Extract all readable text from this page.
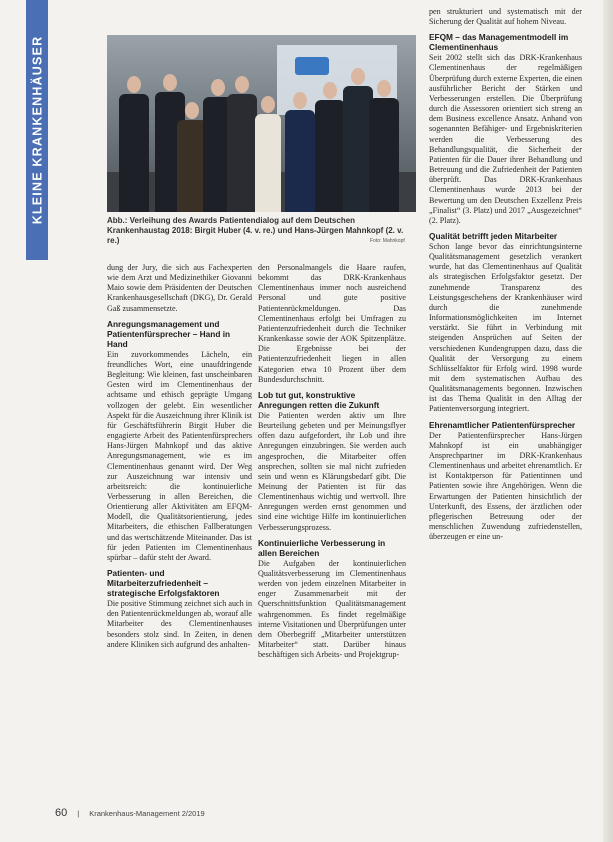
KLEINE KRANKENHÄUSER	Abb.: Verleihung des Awards Patientendialog auf dem Deutschen Krankenhaustag 2018: Birgit Huber (4. v. re.) und Hans-Jürgen Mahnkopf (2. v. re.)	Foto: Mahnkopf

dung der Jury, die sich aus Fachexperten wie dem Arzt und Medizinethiker Giovanni Maio sowie dem Präsidenten der Deutschen Krankenhausgesellschaft (DKG), Dr. Gerald Gaß zusammensetzte.

Anregungsmanagement und Patientenfürsprecher – Hand in Hand

Ein zuvorkommendes Lächeln, ein freundliches Wort, eine unaufdringende Begleitung: Wie kleinen, fast unscheinbaren Gesten wird im Clementinenhaus der achtsame und ethisch geprägte Umgang vollzogen der gelebt. Ein wesentlicher Aspekt für die Auszeichnung ihrer Klinik ist für Geschäftsführerin Birgit Huber die engagierte Arbeit des Patientenfürsprechers Hans-Jürgen Mahnkopf und das aktive Anregungsmanagement, wie es im Clementinenhaus genannt wird. Der Weg zur Auszeichnung war intensiv und arbeitsreich: die kontinuierliche Verbesserung in allen Bereichen, die Orientierung aller Aktivitäten am EFQM-Modell, die Qualitätsorientierung, jedes Mitarbeiters, die ethischen Fallberatungen und das wertschätzende Miteinander. Das ist für jeden Patienten im Clementinenhaus spürbar – dafür steht der Award.

Patienten- und Mitarbeiterzufriedenheit – strategische Erfolgsfaktoren

Die positive Stimmung zeichnet sich auch in den Patientenrückmeldungen ab, worauf alle Mitarbeiter des Clementinenhauses besonders stolz sind. In Zeiten, in denen andere Kliniken sich aufgrund des anhalten-

den Personalmangels die Haare raufen, bekommt das DRK-Krankenhaus Clementinenhaus immer noch ausreichend Personal und gute positive Patientenrückmeldungen. Das Clementinenhaus erfolgt bei Umfragen zu Patientenzufriedenheit durch die Techniker Krankenkasse sowie der AOK Spitzenplätze. Die Ergebnisse bei der Patientenzufriedenheit liegen in allen Kategorien etwa 10 Prozent über dem Bundesdurchschnitt.

Lob tut gut, konstruktive Anregungen retten die Zukunft

Die Patienten werden aktiv um Ihre Beurteilung gebeten und per Meinungsflyer offen dazu aufgefordert, ihr Lob und ihre Anregungen einzubringen. Sie werden auch angesprochen, die Mitarbeiter offen ansprechen, sollten sie mal nicht zufrieden sein und wenn es Klärungsbedarf gibt. Die Meinung der Patienten ist für das Clementinenhaus wichtig und wertvoll. Ihre Anregungen werden ernst genommen und sind eine wichtige Hilfe im kontinuierlichen Verbesserungsprozess.

Kontinuierliche Verbesserung in allen Bereichen

Die Aufgaben der kontinuierlichen Qualitätsverbesserung im Clementinenhaus werden von jedem einzelnen Mitarbeiter in enger Zusammenarbeit mit der Querschnittsfunktion Qualitätsmanagement wahrgenommen. Es findet regelmäßige interne Visitationen und Überprüfungen unter dem Oberbegriff „Mitarbeiter unterstützen Mitarbeiter“ statt. Darüber hinaus beschäftigen sich Arbeits- und Projektgrup-

pen strukturiert und systematisch mit der Sicherung der Qualität auf hohem Niveau.

EFQM – das Managementmodell im Clementinenhaus

Seit 2002 stellt sich das DRK-Krankenhaus Clementinenhaus der regelmäßigen Überprüfung durch externe Experten, die einen ausführlicher Bericht der Stärken und Verbesserungen erstellen. Die Überprüfung durch die Assessoren orientiert sich streng an dem Business excellence Ansatz. Anhand von sogenannten Befähiger- und Ergebniskriterien werden die Verbesserung des Behandlungsqualität, die Sicherheit der Patienten für die Dauer ihrer Behandlung und Betreuung und die Zufriedenheit der Patienten überprüft. Das DRK-Krankenhaus Clementinenhaus wurde 2013 bei der Bewertung um den Deutschen Exzellenz Preis „Finalist“ (3. Platz) und 2017 „Ausgezeichnet“ (2. Platz).

Qualität betrifft jeden Mitarbeiter

Schon lange bevor das einrichtungsinterne Qualitätsmanagement gesetzlich verankert wurde, hat das Clementinenhaus auf Qualität als strategischen Erfolgsfaktor gesetzt. Der zunehmende Transparenz des Leistungsgeschehens der Krankenhäuser wird durch die zunehmende Informationsmöglichkeiten im Internet verstärkt. Sie führt in Verbindung mit steigenden Ansprüchen auf Seiten der verschiedenen Kundengruppen dazu, dass die Qualität der Versorgung zu einem Schlüsselfaktor für Erfolg wird. 1998 wurde mit dem systematischen Aufbau des Qualitätsmanagements begonnen. Inzwischen ist das Thema Qualität in den Alltag der Patientenversorgung integriert.

Ehrenamtlicher Patientenfürsprecher

Der Patientenfürsprecher Hans-Jürgen Mahnkopf ist ein unabhängiger Ansprechpartner im DRK-Krankenhaus Clementinenhaus und arbeitet ehrenamtlich. Er ist Kontaktperson für Patientinnen und Patienten sowie ihre Angehörigen. Wenn die Erwartungen der Patienten hinsichtlich der Unterkunft, des Essens, der ärztlichen oder pflegerischen Betreuung oder der menschlichen Zuwendung zufriedenstellen, überzeugen er eine un-

60 | Krankenhaus-Management 2/2019
